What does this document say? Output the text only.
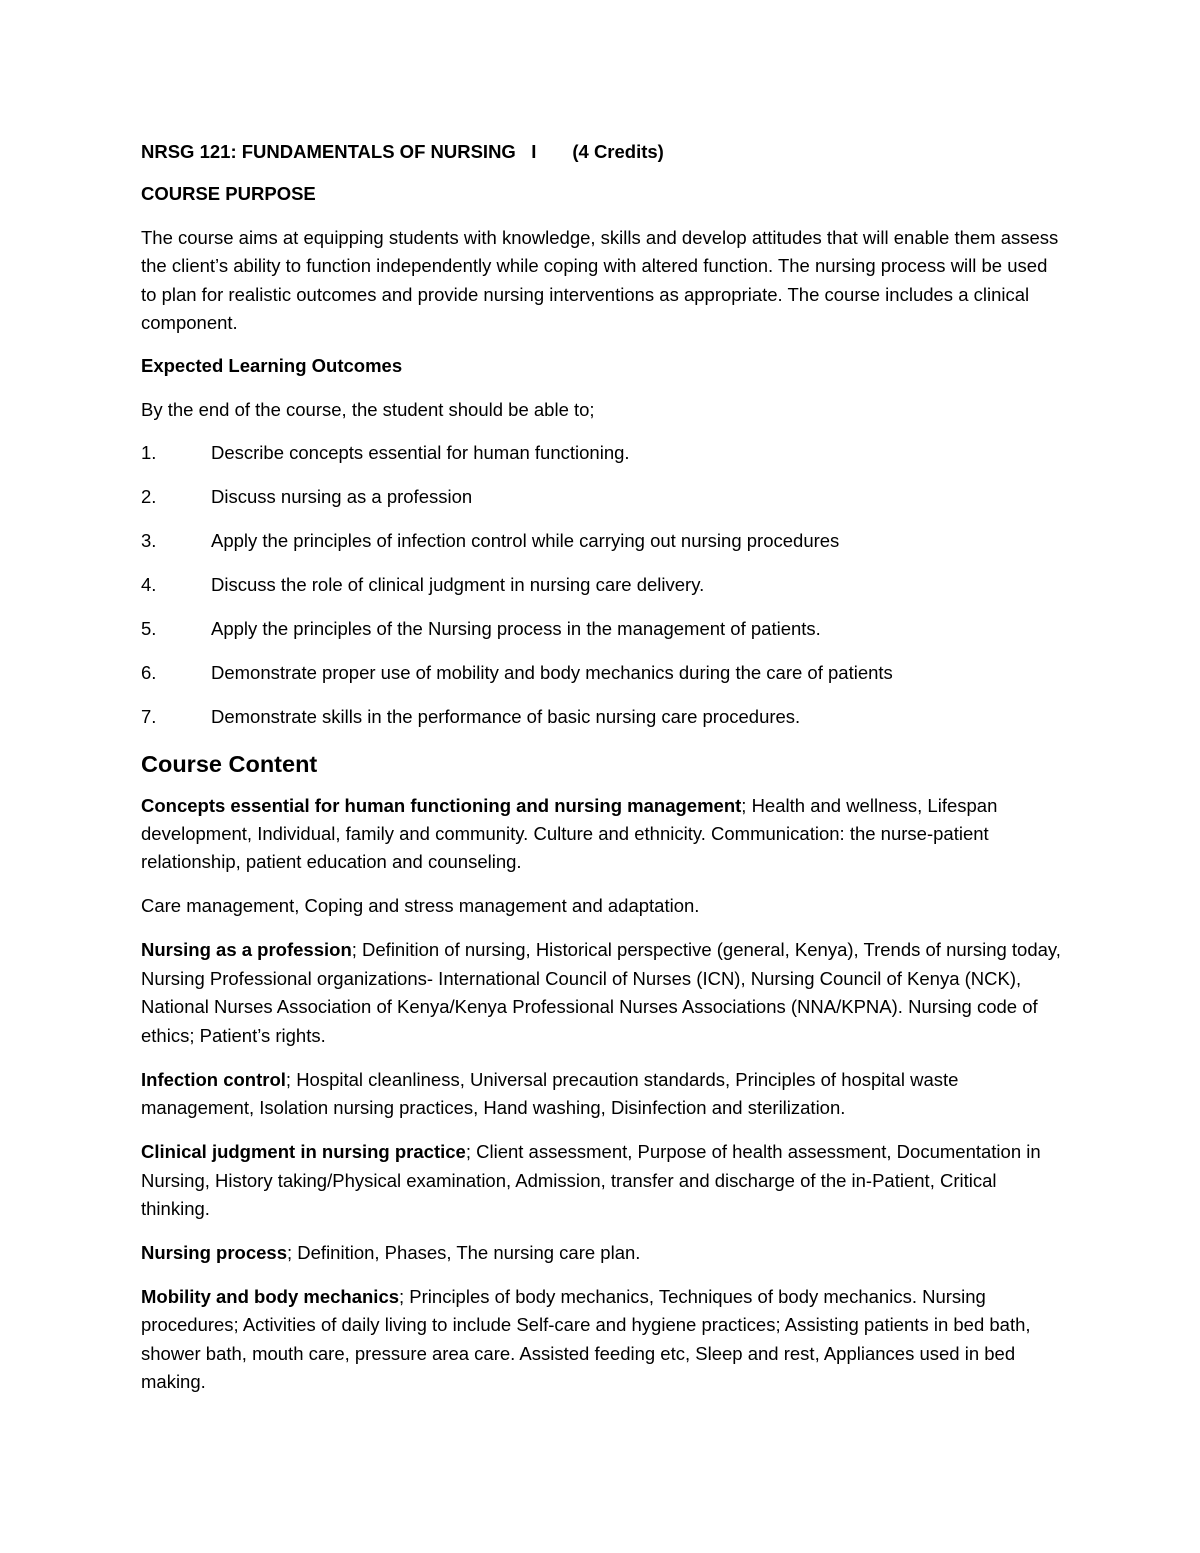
NRSG 121: FUNDAMENTALS OF NURSING   I       (4 Credits)

COURSE PURPOSE

The course aims at equipping students with knowledge, skills and develop attitudes that will enable them assess the client’s ability to function independently while coping with altered function. The nursing process will be used to plan for realistic outcomes and provide nursing interventions as appropriate. The course includes a clinical component.

Expected Learning Outcomes

By the end of the course, the student should be able to;

1.	Describe concepts essential for human functioning.
2.	Discuss nursing as a profession
3.	Apply the principles of infection control while carrying out nursing procedures
4.	Discuss the role of clinical judgment in nursing care delivery.
5.	Apply the principles of the Nursing process in the management of patients.
6.	Demonstrate proper use of mobility and body mechanics during the care of patients
7.	Demonstrate skills in the performance of basic nursing care procedures.
Course Content

Concepts essential for human functioning and nursing management; Health and wellness, Lifespan development, Individual, family and community. Culture and ethnicity. Communication: the nurse-patient relationship, patient education and counseling.

Care management, Coping and stress management and adaptation.

Nursing as a profession; Definition of nursing, Historical perspective (general, Kenya), Trends of nursing today, Nursing Professional organizations- International Council of Nurses (ICN), Nursing Council of Kenya (NCK), National Nurses Association of Kenya/Kenya Professional Nurses Associations (NNA/KPNA). Nursing code of ethics; Patient’s rights.

Infection control; Hospital cleanliness, Universal precaution standards, Principles of hospital waste management, Isolation nursing practices, Hand washing, Disinfection and sterilization.

Clinical judgment in nursing practice; Client assessment, Purpose of health assessment, Documentation in Nursing, History taking/Physical examination, Admission, transfer and discharge of the in-Patient, Critical thinking.

Nursing process; Definition, Phases, The nursing care plan.

Mobility and body mechanics; Principles of body mechanics, Techniques of body mechanics. Nursing procedures; Activities of daily living to include Self-care and hygiene practices; Assisting patients in bed bath, shower bath, mouth care, pressure area care. Assisted feeding etc, Sleep and rest, Appliances used in bed making.
